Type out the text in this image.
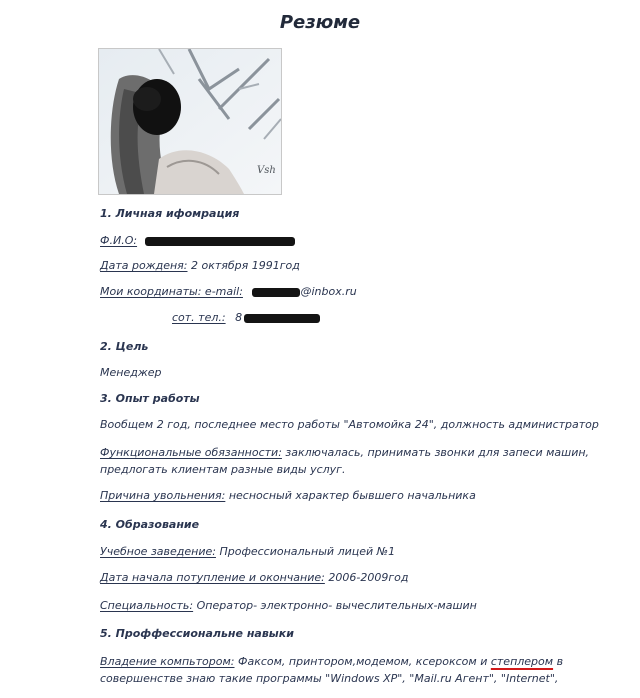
Резюме
Vsh
1. Личная ифомрация
Ф.И.О:
Дата рожденя: 2 октября 1991год
Мои координаты: e-mail:	@inbox.ru
сот. тел.: 8
2. Цель
Менеджер
3. Опыт работы
Вообщем 2 год, последнее место работы "Автомойка 24", должность администратор
Функциональные обязанности: заключалась, принимать звонки для запеси машин,
предлогать клиентам разные виды услуг.
Причина увольнения: несносный характер бывшего начальника
4. Образование
Учебное заведение: Профессиональный лицей №1
Дата начала потупление и окончание: 2006-2009год
Специальность: Оператор- электронно- вычеслительных-машин
5. Проффессиональне навыки
Владение компьтором: Факсом, принтором,модемом, ксероксом и степлером в
совершенстве знаю такие программы "Windows XP", "Mail.ru Агент", "Internet",
